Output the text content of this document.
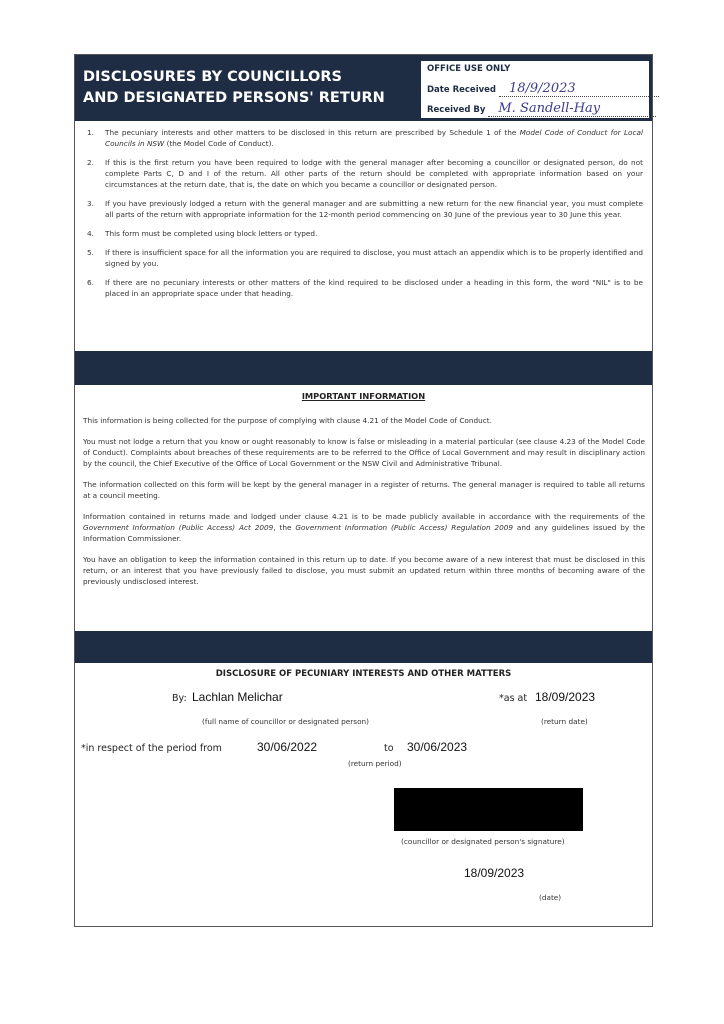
DISCLOSURES BY COUNCILLORS
AND DESIGNATED PERSONS' RETURN
OFFICE USE ONLY
Date Received 18/9/2023
Received By M. Sandell-Hay
1. The pecuniary interests and other matters to be disclosed in this return are prescribed by Schedule 1 of the Model Code of Conduct for Local Councils in NSW (the Model Code of Conduct).
2. If this is the first return you have been required to lodge with the general manager after becoming a councillor or designated person, do not complete Parts C, D and I of the return. All other parts of the return should be completed with appropriate information based on your circumstances at the return date, that is, the date on which you became a councillor or designated person.
3. If you have previously lodged a return with the general manager and are submitting a new return for the new financial year, you must complete all parts of the return with appropriate information for the 12-month period commencing on 30 June of the previous year to 30 June this year.
4. This form must be completed using block letters or typed.
5. If there is insufficient space for all the information you are required to disclose, you must attach an appendix which is to be properly identified and signed by you.
6. If there are no pecuniary interests or other matters of the kind required to be disclosed under a heading in this form, the word "NIL" is to be placed in an appropriate space under that heading.
IMPORTANT INFORMATION

This information is being collected for the purpose of complying with clause 4.21 of the Model Code of Conduct.

You must not lodge a return that you know or ought reasonably to know is false or misleading in a material particular (see clause 4.23 of the Model Code of Conduct). Complaints about breaches of these requirements are to be referred to the Office of Local Government and may result in disciplinary action by the council, the Chief Executive of the Office of Local Government or the NSW Civil and Administrative Tribunal.

The information collected on this form will be kept by the general manager in a register of returns. The general manager is required to table all returns at a council meeting.

Information contained in returns made and lodged under clause 4.21 is to be made publicly available in accordance with the requirements of the Government Information (Public Access) Act 2009, the Government Information (Public Access) Regulation 2009 and any guidelines issued by the Information Commissioner.

You have an obligation to keep the information contained in this return up to date. If you become aware of a new interest that must be disclosed in this return, or an interest that you have previously failed to disclose, you must submit an updated return within three months of becoming aware of the previously undisclosed interest.

DISCLOSURE OF PECUNIARY INTERESTS AND OTHER MATTERS
By: Lachlan Melichar
(full name of councillor or designated person)
*as at 18/09/2023
(return date)
*in respect of the period from	30/06/2022	to 30/06/2023
(return period)
(councillor or designated person's signature)
18/09/2023
(date)
